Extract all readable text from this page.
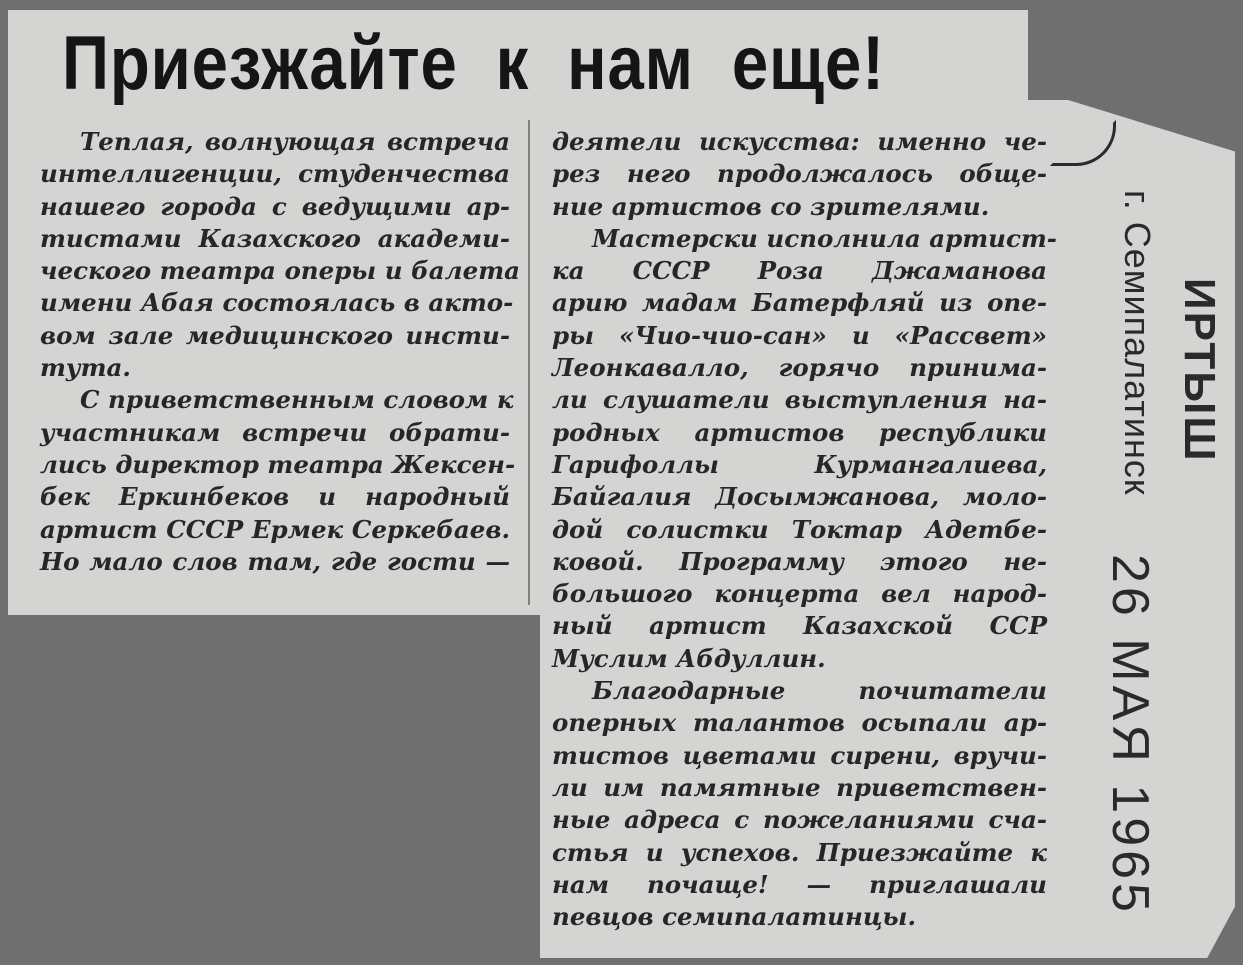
Приезжайте к нам еще!
Теплая, волнующая встреча
интеллигенции, студенчества
нашего города с ведущими ар-
тистами Казахского академи-
ческого театра оперы и балета
имени Абая состоялась в акто-
вом зале медицинского инсти-
тута.
С приветственным словом к
участникам встречи обрати-
лись директор театра Жексен-
бек Еркинбеков и народный
артист СССР Ермек Серкебаев.
Но мало слов там, где гости —
деятели искусства: именно че-
рез него продолжалось обще-
ние артистов со зрителями.
Мастерски исполнила артист-
ка СССР Роза Джаманова
арию мадам Батерфляй из опе-
ры «Чио-чио-сан» и «Рассвет»
Леонкавалло, горячо принима-
ли слушатели выступления на-
родных артистов республики
Гарифоллы Курмангалиева,
Байгалия Досымжанова, моло-
дой солистки Токтар Адетбе-
ковой. Программу этого не-
большого концерта вел народ-
ный артист Казахской ССР
Муслим Абдуллин.
Благодарные почитатели
оперных талантов осыпали ар-
тистов цветами сирени, вручи-
ли им памятные приветствен-
ные адреса с пожеланиями сча-
стья и успехов. Приезжайте к
нам почаще! — приглашали
певцов семипалатинцы.
ИРТЫШ
г. Семипалатинск
26 МАЯ 1965
